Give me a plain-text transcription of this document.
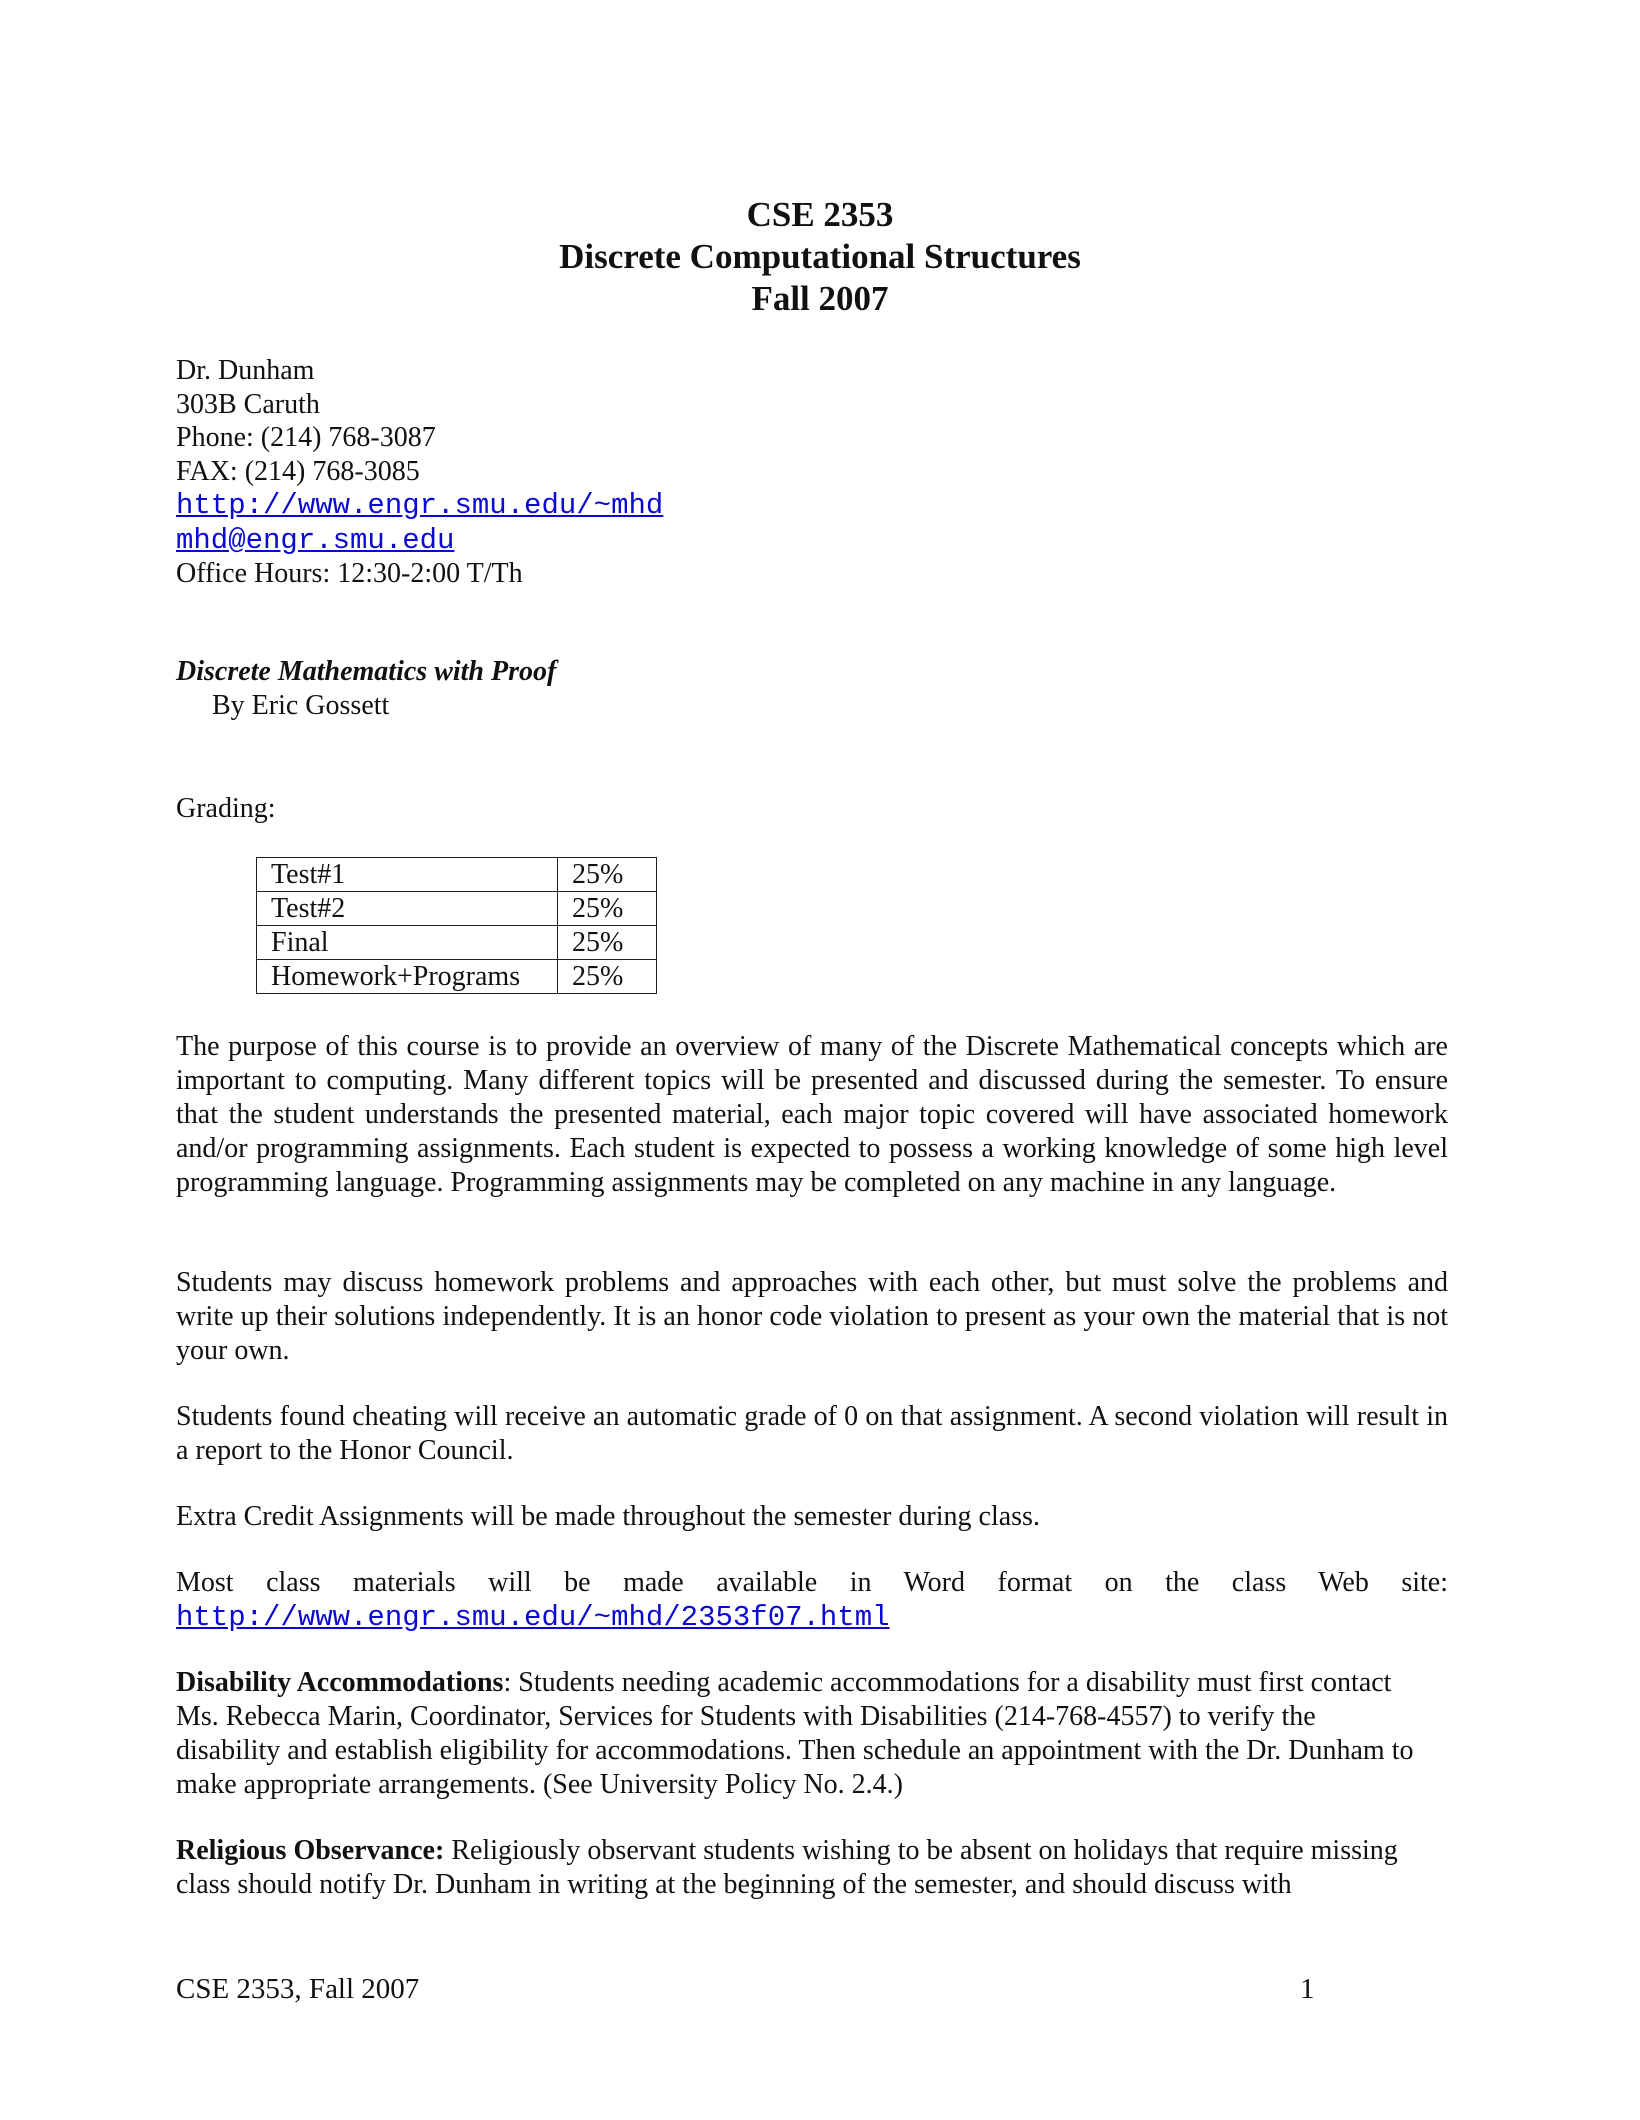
CSE 2353
Discrete Computational Structures
Fall 2007
Dr. Dunham
303B Caruth
Phone: (214) 768-3087
FAX: (214) 768-3085
http://www.engr.smu.edu/~mhd
mhd@engr.smu.edu
Office Hours: 12:30-2:00 T/Th
Discrete Mathematics with Proof
By Eric Gossett
Grading:
Test#1	25%
Test#2	25%
Final	25%
Homework+Programs	25%
The purpose of this course is to provide an overview of many of the Discrete Mathematical concepts which are important to computing. Many different topics will be presented and discussed during the semester. To ensure that the student understands the presented material, each major topic covered will have associated homework and/or programming assignments. Each student is expected to possess a working knowledge of some high level programming language. Programming assignments may be completed on any machine in any language.
Students may discuss homework problems and approaches with each other, but must solve the problems and write up their solutions independently. It is an honor code violation to present as your own the material that is not your own.
Students found cheating will receive an automatic grade of 0 on that assignment. A second violation will result in a report to the Honor Council.
Extra Credit Assignments will be made throughout the semester during class.
Most class materials will be made available in Word format on the class Web site:
http://www.engr.smu.edu/~mhd/2353f07.html
Disability Accommodations: Students needing academic accommodations for a disability must first contact Ms. Rebecca Marin, Coordinator, Services for Students with Disabilities (214-768-4557) to verify the disability and establish eligibility for accommodations. Then schedule an appointment with the Dr. Dunham to make appropriate arrangements. (See University Policy No. 2.4.)
Religious Observance: Religiously observant students wishing to be absent on holidays that require missing class should notify Dr. Dunham in writing at the beginning of the semester, and should discuss with
CSE 2353, Fall 2007	1
